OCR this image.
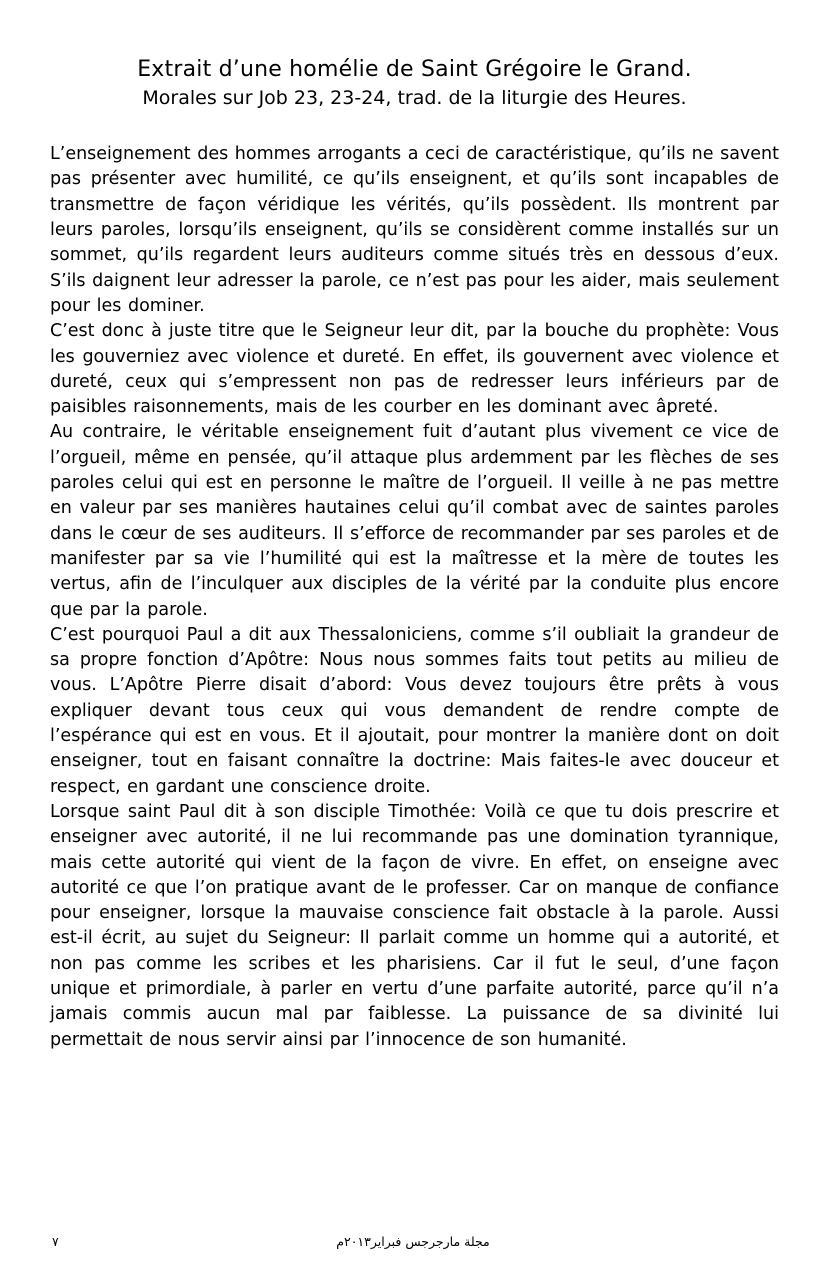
Extrait d’une homélie de Saint Grégoire le Grand.
Morales sur Job 23, 23-24, trad. de la liturgie des Heures.

L’enseignement des hommes arrogants a ceci de caractéristique, qu’ils ne savent pas présenter avec humilité, ce qu’ils enseignent, et qu’ils sont incapables de transmettre de façon véridique les vérités, qu’ils possèdent. Ils montrent par leurs paroles, lorsqu’ils enseignent, qu’ils se considèrent comme installés sur un sommet, qu’ils regardent leurs auditeurs comme situés très en dessous d’eux. S’ils daignent leur adresser la parole, ce n’est pas pour les aider, mais seulement pour les dominer.

C’est donc à juste titre que le Seigneur leur dit, par la bouche du prophète: Vous les gouverniez avec violence et dureté. En effet, ils gouvernent avec violence et dureté, ceux qui s’empressent non pas de redresser leurs inférieurs par de paisibles raisonnements, mais de les courber en les dominant avec âpreté.

Au contraire, le véritable enseignement fuit d’autant plus vivement ce vice de l’orgueil, même en pensée, qu’il attaque plus ardemment par les flèches de ses paroles celui qui est en personne le maître de l’orgueil. Il veille à ne pas mettre en valeur par ses manières hautaines celui qu’il combat avec de saintes paroles dans le cœur de ses auditeurs. Il s’efforce de recommander par ses paroles et de manifester par sa vie l’humilité qui est la maîtresse et la mère de toutes les vertus, afin de l’inculquer aux disciples de la vérité par la conduite plus encore que par la parole.

C’est pourquoi Paul a dit aux Thessaloniciens, comme s’il oubliait la grandeur de sa propre fonction d’Apôtre: Nous nous sommes faits tout petits au milieu de vous. L’Apôtre Pierre disait d’abord: Vous devez toujours être prêts à vous expliquer devant tous ceux qui vous demandent de rendre compte de l’espérance qui est en vous. Et il ajoutait, pour montrer la manière dont on doit enseigner, tout en faisant connaître la doctrine: Mais faites-le avec douceur et respect, en gardant une conscience droite.

Lorsque saint Paul dit à son disciple Timothée: Voilà ce que tu dois prescrire et enseigner avec autorité, il ne lui recommande pas une domination tyrannique, mais cette autorité qui vient de la façon de vivre. En effet, on enseigne avec autorité ce que l’on pratique avant de le professer. Car on manque de confiance pour enseigner, lorsque la mauvaise conscience fait obstacle à la parole. Aussi est-il écrit, au sujet du Seigneur: Il parlait comme un homme qui a autorité, et non pas comme les scribes et les pharisiens. Car il fut le seul, d’une façon unique et primordiale, à parler en vertu d’une parfaite autorité, parce qu’il n’a jamais commis aucun mal par faiblesse. La puissance de sa divinité lui permettait de nous servir ainsi par l’innocence de son humanité.

مجلة مارجرجس فبراير٢٠١٣م
٧
